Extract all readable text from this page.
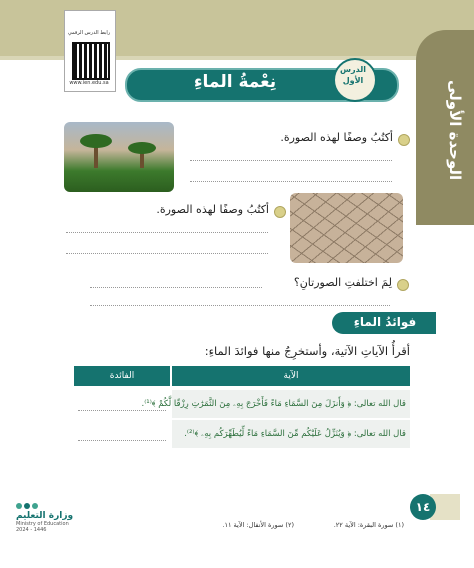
الوحدة الأولى
رابط الدرس الرقمي
www.ien.edu.sa	نِعْمةُ الماءِ
الدرس
الأول
أكتُبُ وصفًا لهذه الصورة.
أكتُبُ وصفًا لهذه الصورة.
لِمَ اختلفتِ الصورتانِ؟
فوائدُ الماءِ
أقرأُ الآياتِ الآتية، وأستخرِجُ منها فوائدَ الماءِ:
الفائدة	الآية
قال الله تعالى: ﴿ وَأَنزَلَ مِنَ السَّمَاءِ مَاءً فَأَخْرَجَ بِهِۦ مِنَ الثَّمَرَٰتِ رِزْقًا لَّكُمْ ﴾⁽¹⁾.
قال الله تعالى: ﴿ وَيُنَزِّلُ عَلَيْكُم مِّنَ السَّمَاءِ مَاءً لِّيُطَهِّرَكُم بِهِۦ ﴾⁽²⁾.
١٤
(١) سورة البقرة: الآية ٢٢.
(٢) سورة الأنفال: الآية ١١.
وزارة التعليم
Ministry of Education
2024 - 1446
